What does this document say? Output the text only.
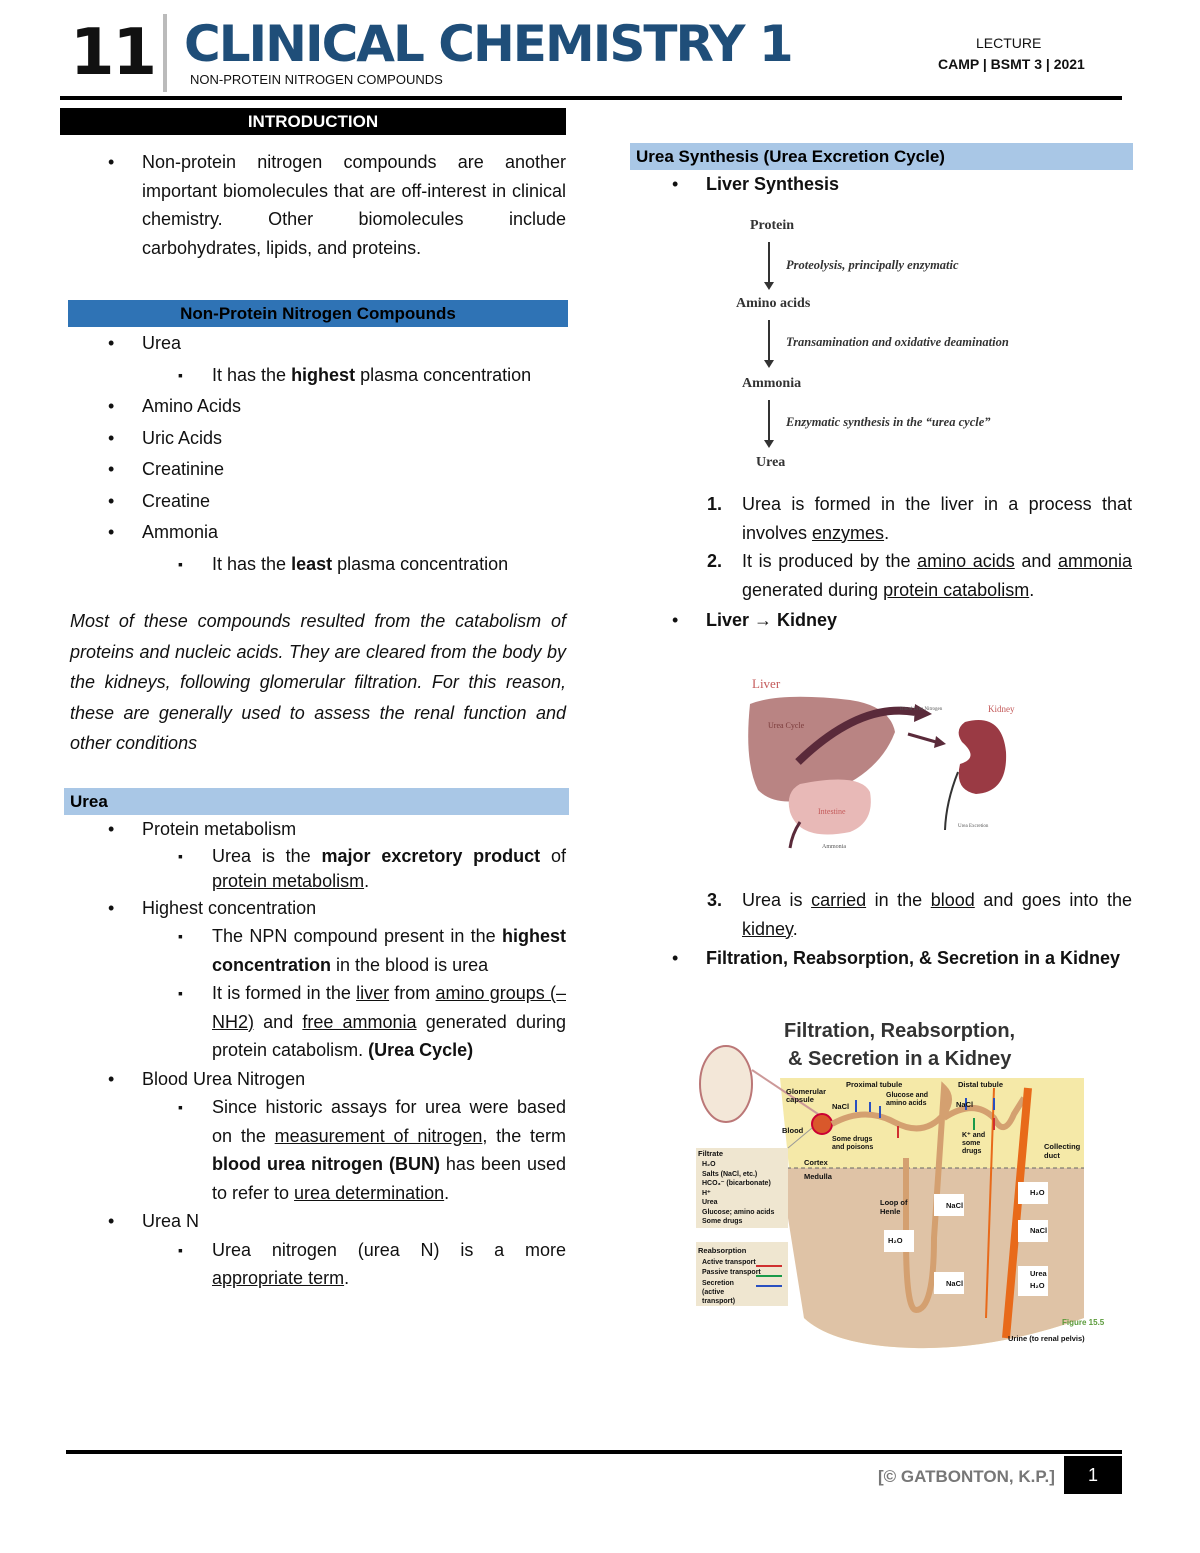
11 CLINICAL CHEMISTRY 1
NON-PROTEIN NITROGEN COMPOUNDS
LECTURE
CAMP | BSMT 3 | 2021
INTRODUCTION
• Non-protein nitrogen compounds are another important biomolecules that are off-interest in clinical chemistry. Other biomolecules include carbohydrates, lipids, and proteins.
Non-Protein Nitrogen Compounds
• Urea
▪ It has the highest plasma concentration
• Amino Acids
• Uric Acids
• Creatinine
• Creatine
• Ammonia
▪ It has the least plasma concentration
Most of these compounds resulted from the catabolism of proteins and nucleic acids. They are cleared from the body by the kidneys, following glomerular filtration. For this reason, these are generally used to assess the renal function and other conditions
Urea
• Protein metabolism
▪ Urea is the major excretory product of protein metabolism.
• Highest concentration
▪ The NPN compound present in the highest concentration in the blood is urea
▪ It is formed in the liver from amino groups (–NH2) and free ammonia generated during protein catabolism. (Urea Cycle)
• Blood Urea Nitrogen
▪ Since historic assays for urea were based on the measurement of nitrogen, the term blood urea nitrogen (BUN) has been used to refer to urea determination.
• Urea N
▪ Urea nitrogen (urea N) is a more appropriate term.
Urea Synthesis (Urea Excretion Cycle)
• Liver Synthesis
Protein
Proteolysis, principally enzymatic
Amino acids
Transamination and oxidative deamination
Ammonia
Enzymatic synthesis in the “urea cycle”
Urea
1. Urea is formed in the liver in a process that involves enzymes.
2. It is produced by the amino acids and ammonia generated during protein catabolism.
• Liver → Kidney
Liver
Kidney
Urea Cycle
Blood Urea Nitrogen
Intestine
Ammonia
Urea Excretion
3. Urea is carried in the blood and goes into the kidney.
• Filtration, Reabsorption, & Secretion in a Kidney
Filtration, Reabsorption,
& Secretion in a Kidney
Glomerular capsule
Proximal tubule	Distal tubule
NaCl
Glucose and amino acids	NaCl
Blood
Some drugs and poisons
K⁺ and some drugs
Collecting duct
Cortex
Medulla
Loop of Henle
Filtrate
H₂O
Salts (NaCl, etc.)
HCO₃⁻ (bicarbonate)
H⁺
Urea
Glucose; amino acids
Some drugs
Reabsorption
Active transport
Passive transport
Secretion (active transport)
H₂O
NaCl
NaCl
H₂O
NaCl
Urea
H₂O
Figure 15.5
Urine (to renal pelvis)
[© GATBONTON, K.P.]	1
